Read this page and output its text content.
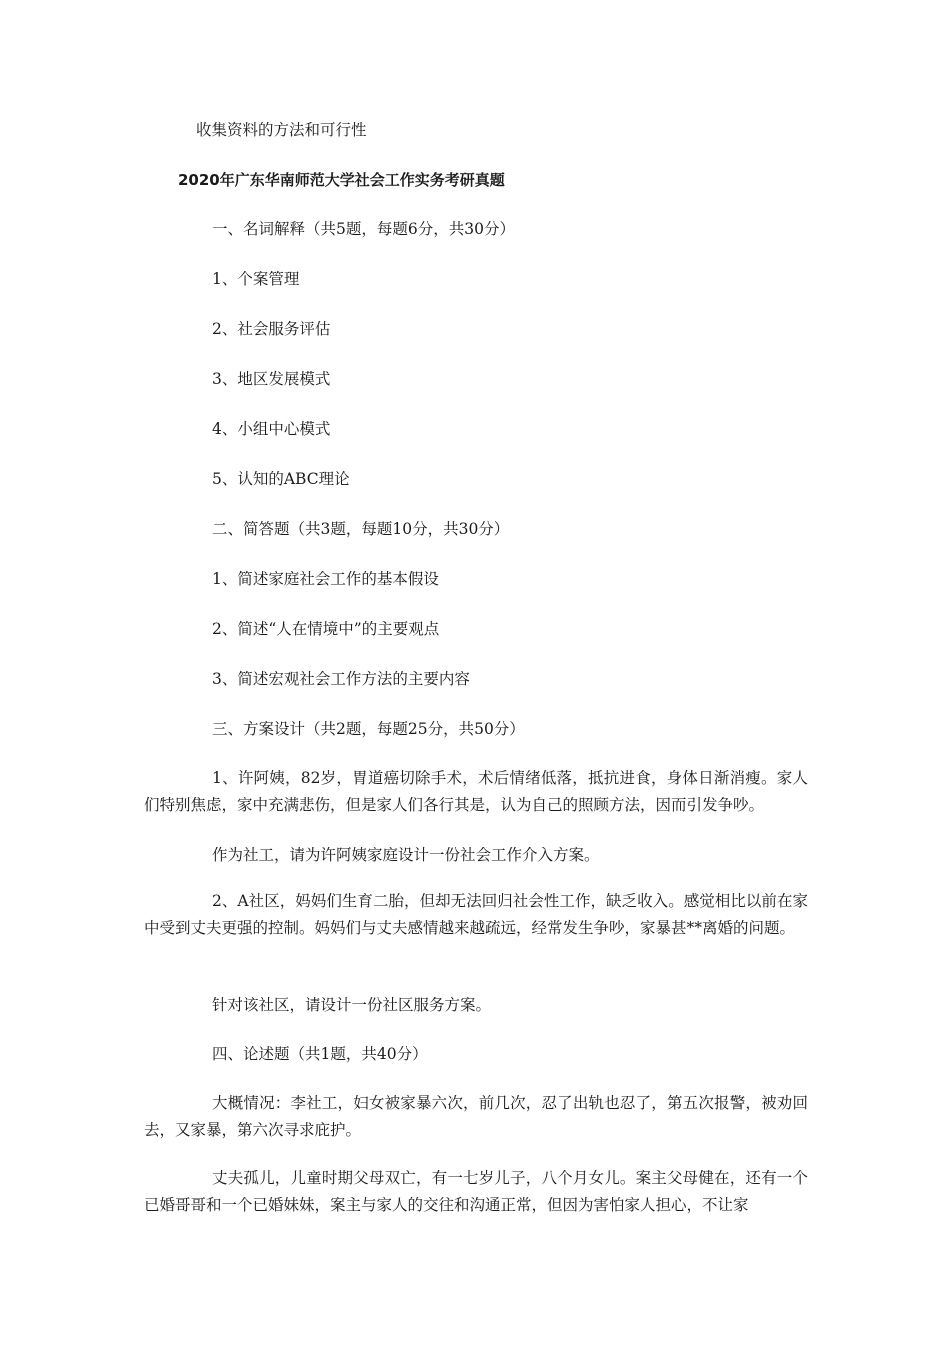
收集资料的方法和可行性
2020年广东华南师范大学社会工作实务考研真题
一、名词解释（共5题，每题6分，共30分）
1、个案管理
2、社会服务评估
3、地区发展模式
4、小组中心模式
5、认知的ABC理论
二、简答题（共3题，每题10分，共30分）
1、简述家庭社会工作的基本假设
2、简述“人在情境中”的主要观点
3、简述宏观社会工作方法的主要内容
三、方案设计（共2题，每题25分，共50分）
1、许阿姨，82岁，胃道癌切除手术，术后情绪低落，抵抗进食，身体日渐消瘦。家人们特别焦虑，家中充满悲伤，但是家人们各行其是，认为自己的照顾方法，因而引发争吵。
作为社工，请为许阿姨家庭设计一份社会工作介入方案。
2、A社区，妈妈们生育二胎，但却无法回归社会性工作，缺乏收入。感觉相比以前在家中受到丈夫更强的控制。妈妈们与丈夫感情越来越疏远，经常发生争吵，家暴甚**离婚的问题。
针对该社区，请设计一份社区服务方案。
四、论述题（共1题，共40分）
大概情况：李社工，妇女被家暴六次，前几次，忍了出轨也忍了，第五次报警，被劝回去，又家暴，第六次寻求庇护。
丈夫孤儿，儿童时期父母双亡，有一七岁儿子，八个月女儿。案主父母健在，还有一个已婚哥哥和一个已婚妹妹，案主与家人的交往和沟通正常，但因为害怕家人担心，不让家
